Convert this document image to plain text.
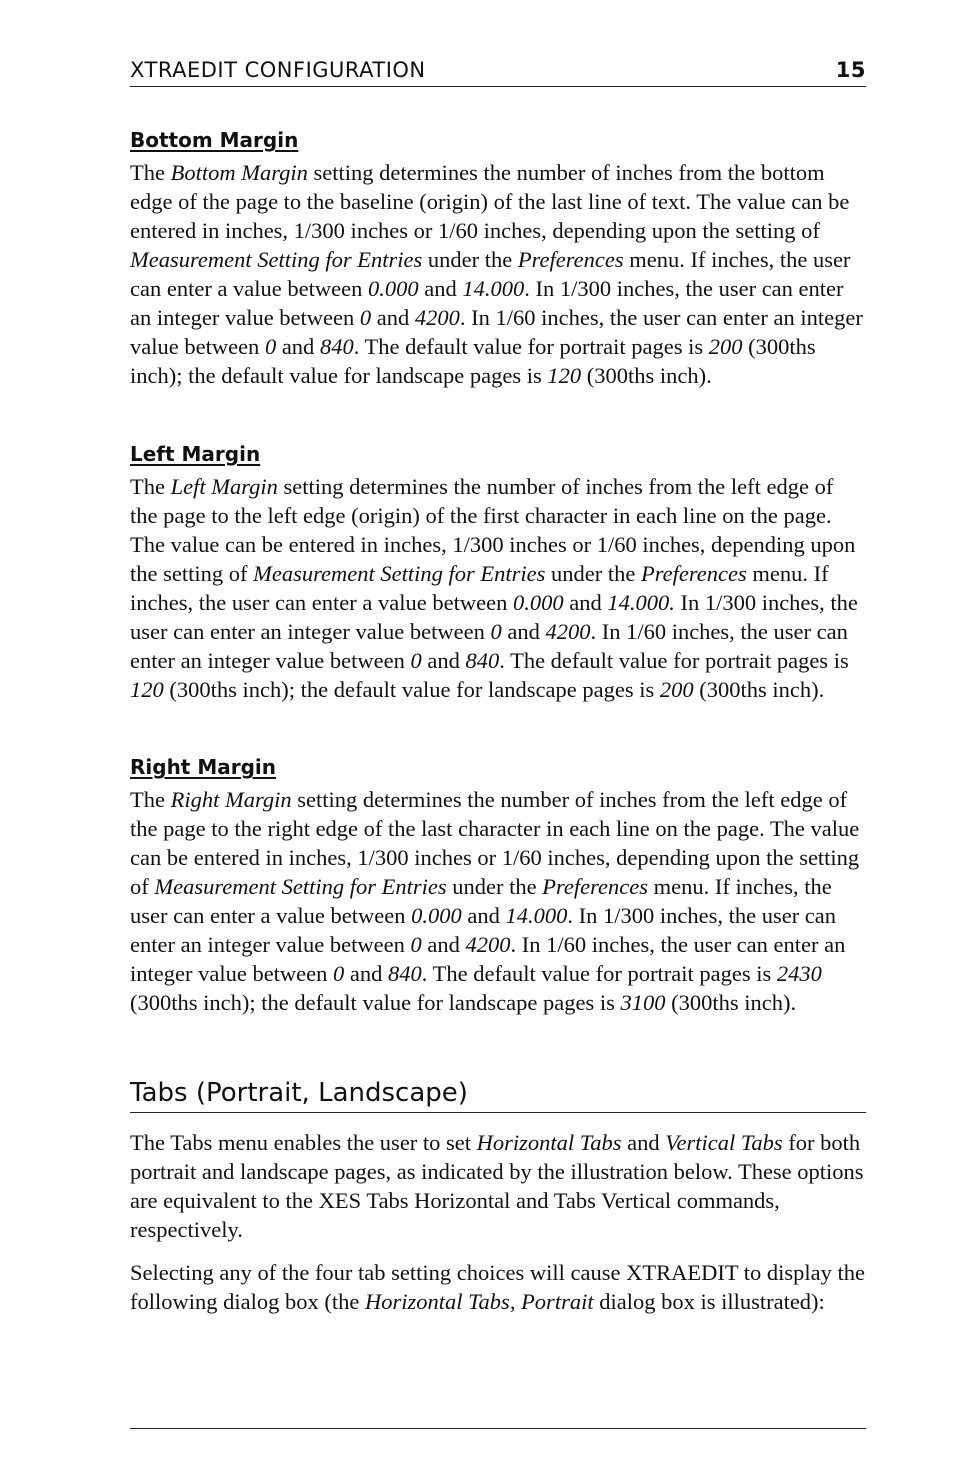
XTRAEDIT CONFIGURATION	15
Bottom Margin

The Bottom Margin setting determines the number of inches from the bottom edge of the page to the baseline (origin) of the last line of text. The value can be entered in inches, 1/300 inches or 1/60 inches, depending upon the setting of Measurement Setting for Entries under the Preferences menu. If inches, the user can enter a value between 0.000 and 14.000. In 1/300 inches, the user can enter an integer value between 0 and 4200. In 1/60 inches, the user can enter an integer value between 0 and 840. The default value for portrait pages is 200 (300ths inch); the default value for landscape pages is 120 (300ths inch).

Left Margin

The Left Margin setting determines the number of inches from the left edge of the page to the left edge (origin) of the first character in each line on the page. The value can be entered in inches, 1/300 inches or 1/60 inches, depending upon the setting of Measurement Setting for Entries under the Preferences menu. If inches, the user can enter a value between 0.000 and 14.000. In 1/300 inches, the user can enter an integer value between 0 and 4200. In 1/60 inches, the user can enter an integer value between 0 and 840. The default value for portrait pages is 120 (300ths inch); the default value for landscape pages is 200 (300ths inch).

Right Margin

The Right Margin setting determines the number of inches from the left edge of the page to the right edge of the last character in each line on the page. The value can be entered in inches, 1/300 inches or 1/60 inches, depending upon the setting of Measurement Setting for Entries under the Preferences menu. If inches, the user can enter a value between 0.000 and 14.000. In 1/300 inches, the user can enter an integer value between 0 and 4200. In 1/60 inches, the user can enter an integer value between 0 and 840. The default value for portrait pages is 2430 (300ths inch); the default value for landscape pages is 3100 (300ths inch).

Tabs (Portrait, Landscape)

The Tabs menu enables the user to set Horizontal Tabs and Vertical Tabs for both portrait and landscape pages, as indicated by the illustration below. These options are equivalent to the XES Tabs Horizontal and Tabs Vertical commands, respectively.

Selecting any of the four tab setting choices will cause XTRAEDIT to display the following dialog box (the Horizontal Tabs, Portrait dialog box is illustrated):
